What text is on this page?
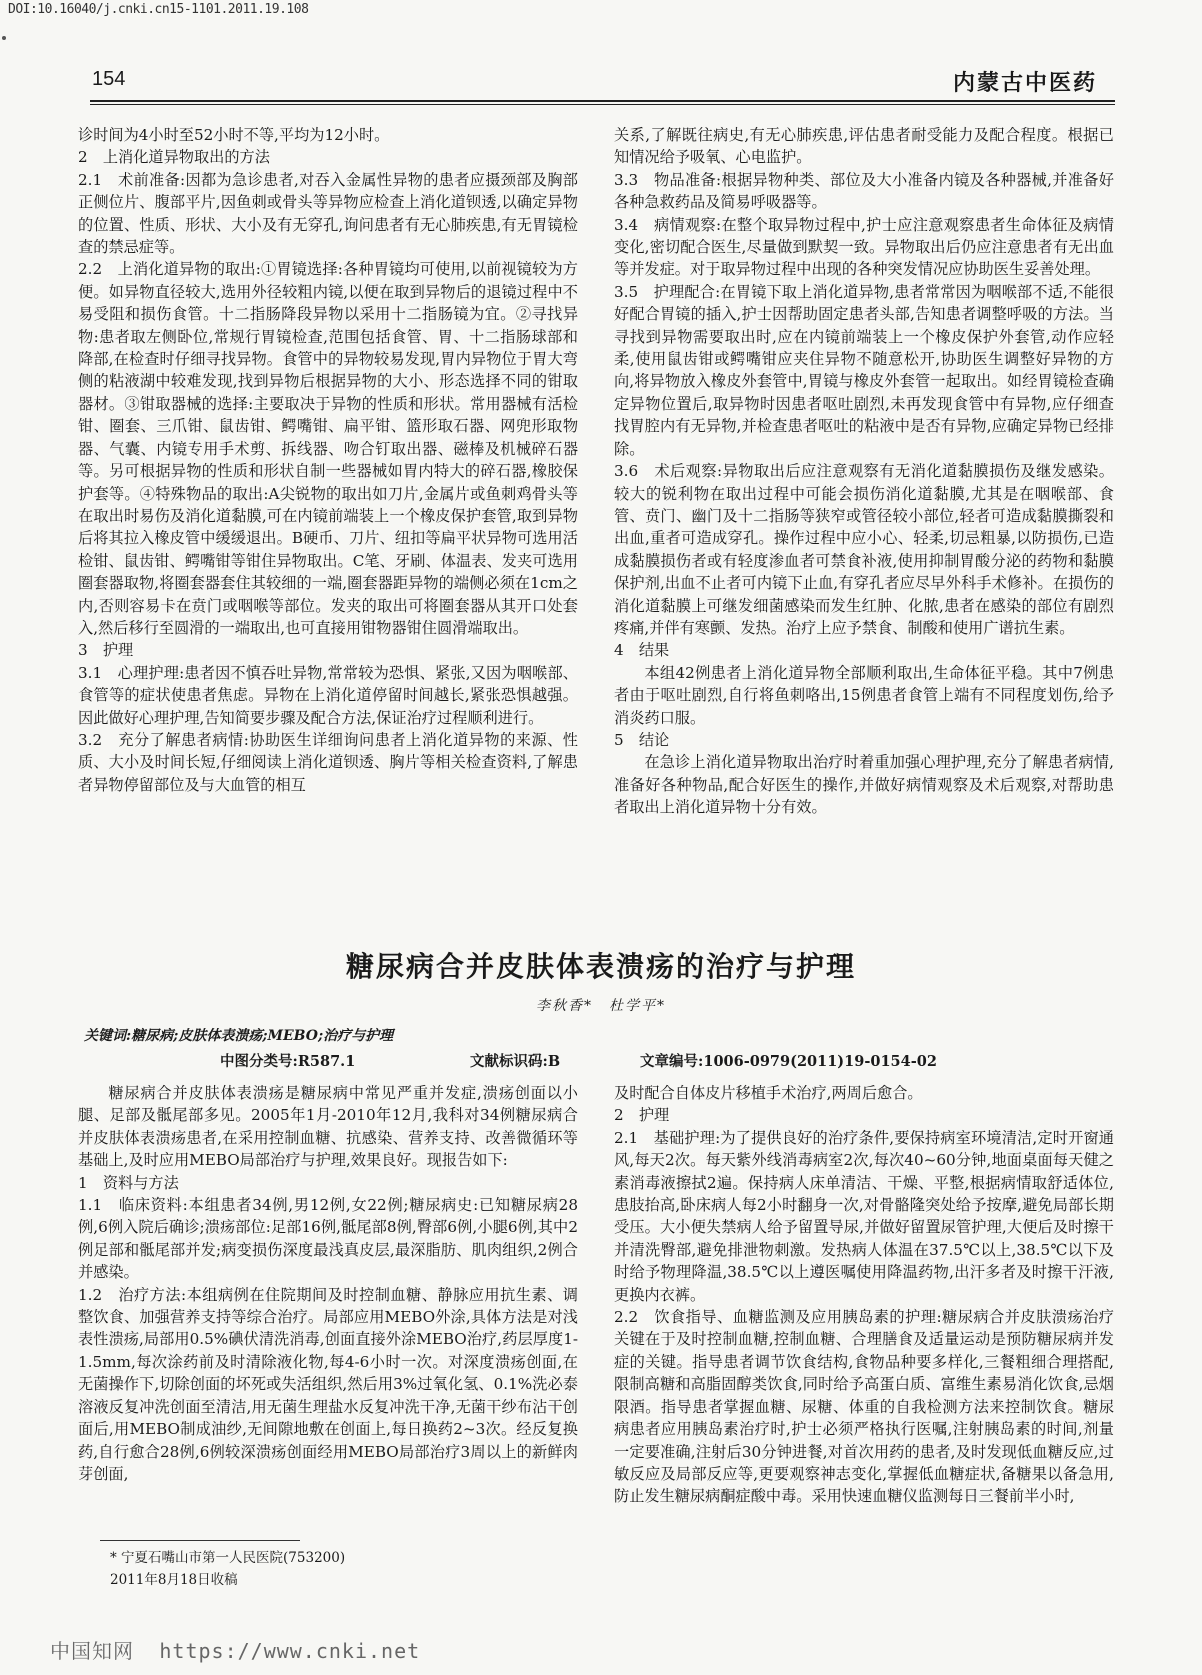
DOI:10.16040/j.cnki.cn15-1101.2011.19.108
154	内蒙古中医药

诊时间为4小时至52小时不等,平均为12小时。

2　上消化道异物取出的方法

2.1　术前准备:因都为急诊患者,对吞入金属性异物的患者应摄颈部及胸部正侧位片、腹部平片,因鱼刺或骨头等异物应检查上消化道钡透,以确定异物的位置、性质、形状、大小及有无穿孔,询问患者有无心肺疾患,有无胃镜检查的禁忌症等。

2.2　上消化道异物的取出:①胃镜选择:各种胃镜均可使用,以前视镜较为方便。如异物直径较大,选用外径较粗内镜,以便在取到异物后的退镜过程中不易受阻和损伤食管。十二指肠降段异物以采用十二指肠镜为宜。②寻找异物:患者取左侧卧位,常规行胃镜检查,范围包括食管、胃、十二指肠球部和降部,在检查时仔细寻找异物。食管中的异物较易发现,胃内异物位于胃大弯侧的粘液湖中较难发现,找到异物后根据异物的大小、形态选择不同的钳取器材。③钳取器械的选择:主要取决于异物的性质和形状。常用器械有活检钳、圈套、三爪钳、鼠齿钳、鳄嘴钳、扁平钳、篮形取石器、网兜形取物器、气囊、内镜专用手术剪、拆线器、吻合钉取出器、磁棒及机械碎石器等。另可根据异物的性质和形状自制一些器械如胃内特大的碎石器,橡胶保护套等。④特殊物品的取出:A尖锐物的取出如刀片,金属片或鱼刺鸡骨头等在取出时易伤及消化道黏膜,可在内镜前端装上一个橡皮保护套管,取到异物后将其拉入橡皮管中缓缓退出。B硬币、刀片、纽扣等扁平状异物可选用活检钳、鼠齿钳、鳄嘴钳等钳住异物取出。C笔、牙刷、体温表、发夹可选用圈套器取物,将圈套器套住其较细的一端,圈套器距异物的端侧必须在1cm之内,否则容易卡在贲门或咽喉等部位。发夹的取出可将圈套器从其开口处套入,然后移行至圆滑的一端取出,也可直接用钳物器钳住圆滑端取出。

3　护理

3.1　心理护理:患者因不慎吞吐异物,常常较为恐惧、紧张,又因为咽喉部、食管等的症状使患者焦虑。异物在上消化道停留时间越长,紧张恐惧越强。因此做好心理护理,告知简要步骤及配合方法,保证治疗过程顺利进行。

3.2　充分了解患者病情:协助医生详细询问患者上消化道异物的来源、性质、大小及时间长短,仔细阅读上消化道钡透、胸片等相关检查资料,了解患者异物停留部位及与大血管的相互

关系,了解既往病史,有无心肺疾患,评估患者耐受能力及配合程度。根据已知情况给予吸氧、心电监护。

3.3　物品准备:根据异物种类、部位及大小准备内镜及各种器械,并准备好各种急救药品及简易呼吸器等。

3.4　病情观察:在整个取异物过程中,护士应注意观察患者生命体征及病情变化,密切配合医生,尽量做到默契一致。异物取出后仍应注意患者有无出血等并发症。对于取异物过程中出现的各种突发情况应协助医生妥善处理。

3.5　护理配合:在胃镜下取上消化道异物,患者常常因为咽喉部不适,不能很好配合胃镜的插入,护士因帮助固定患者头部,告知患者调整呼吸的方法。当寻找到异物需要取出时,应在内镜前端装上一个橡皮保护外套管,动作应轻柔,使用鼠齿钳或鳄嘴钳应夹住异物不随意松开,协助医生调整好异物的方向,将异物放入橡皮外套管中,胃镜与橡皮外套管一起取出。如经胃镜检查确定异物位置后,取异物时因患者呕吐剧烈,未再发现食管中有异物,应仔细查找胃腔内有无异物,并检查患者呕吐的粘液中是否有异物,应确定异物已经排除。

3.6　术后观察:异物取出后应注意观察有无消化道黏膜损伤及继发感染。较大的锐利物在取出过程中可能会损伤消化道黏膜,尤其是在咽喉部、食管、贲门、幽门及十二指肠等狭窄或管径较小部位,轻者可造成黏膜撕裂和出血,重者可造成穿孔。操作过程中应小心、轻柔,切忌粗暴,以防损伤,已造成黏膜损伤者或有轻度渗血者可禁食补液,使用抑制胃酸分泌的药物和黏膜保护剂,出血不止者可内镜下止血,有穿孔者应尽早外科手术修补。在损伤的消化道黏膜上可继发细菌感染而发生红肿、化脓,患者在感染的部位有剧烈疼痛,并伴有寒颤、发热。治疗上应予禁食、制酸和使用广谱抗生素。

4　结果

本组42例患者上消化道异物全部顺利取出,生命体征平稳。其中7例患者由于呕吐剧烈,自行将鱼刺咯出,15例患者食管上端有不同程度划伤,给予消炎药口服。

5　结论

在急诊上消化道异物取出治疗时着重加强心理护理,充分了解患者病情,准备好各种物品,配合好医生的操作,并做好病情观察及术后观察,对帮助患者取出上消化道异物十分有效。

糖尿病合并皮肤体表溃疡的治疗与护理
李秋香*　杜学平*
关键词:糖尿病;皮肤体表溃疡;MEBO;治疗与护理
中图分类号:R587.1	文献标识码:B	文章编号:1006-0979(2011)19-0154-02

糖尿病合并皮肤体表溃疡是糖尿病中常见严重并发症,溃疡创面以小腿、足部及骶尾部多见。2005年1月-2010年12月,我科对34例糖尿病合并皮肤体表溃疡患者,在采用控制血糖、抗感染、营养支持、改善微循环等基础上,及时应用MEBO局部治疗与护理,效果良好。现报告如下:

1　资料与方法

1.1　临床资料:本组患者34例,男12例,女22例;糖尿病史:已知糖尿病28例,6例入院后确诊;溃疡部位:足部16例,骶尾部8例,臀部6例,小腿6例,其中2例足部和骶尾部并发;病变损伤深度最浅真皮层,最深脂肪、肌肉组织,2例合并感染。

1.2　治疗方法:本组病例在住院期间及时控制血糖、静脉应用抗生素、调整饮食、加强营养支持等综合治疗。局部应用MEBO外涂,具体方法是对浅表性溃疡,局部用0.5%碘伏清洗消毒,创面直接外涂MEBO治疗,药层厚度1-1.5mm,每次涂药前及时清除液化物,每4-6小时一次。对深度溃疡创面,在无菌操作下,切除创面的坏死或失活组织,然后用3%过氧化氢、0.1%洗必泰溶液反复冲洗创面至清洁,用无菌生理盐水反复冲洗干净,无菌干纱布沾干创面后,用MEBO制成油纱,无间隙地敷在创面上,每日换药2~3次。经反复换药,自行愈合28例,6例较深溃疡创面经用MEBO局部治疗3周以上的新鲜肉芽创面,

及时配合自体皮片移植手术治疗,两周后愈合。

2　护理

2.1　基础护理:为了提供良好的治疗条件,要保持病室环境清洁,定时开窗通风,每天2次。每天紫外线消毒病室2次,每次40~60分钟,地面桌面每天健之素消毒液擦拭2遍。保持病人床单清洁、干燥、平整,根据病情取舒适体位,患肢抬高,卧床病人每2小时翻身一次,对骨骼隆突处给予按摩,避免局部长期受压。大小便失禁病人给予留置导尿,并做好留置尿管护理,大便后及时擦干并清洗臀部,避免排泄物刺激。发热病人体温在37.5℃以上,38.5℃以下及时给予物理降温,38.5℃以上遵医嘱使用降温药物,出汗多者及时擦干汗液,更换内衣裤。

2.2　饮食指导、血糖监测及应用胰岛素的护理:糖尿病合并皮肤溃疡治疗关键在于及时控制血糖,控制血糖、合理膳食及适量运动是预防糖尿病并发症的关键。指导患者调节饮食结构,食物品种要多样化,三餐粗细合理搭配,限制高糖和高脂固醇类饮食,同时给予高蛋白质、富维生素易消化饮食,忌烟限酒。指导患者掌握血糖、尿糖、体重的自我检测方法来控制饮食。糖尿病患者应用胰岛素治疗时,护士必须严格执行医嘱,注射胰岛素的时间,剂量一定要准确,注射后30分钟进餐,对首次用药的患者,及时发现低血糖反应,过敏反应及局部反应等,更要观察神志变化,掌握低血糖症状,备糖果以备急用,防止发生糖尿病酮症酸中毒。采用快速血糖仪监测每日三餐前半小时,

* 宁夏石嘴山市第一人民医院(753200)
2011年8月18日收稿
中国知网 https://www.cnki.net
